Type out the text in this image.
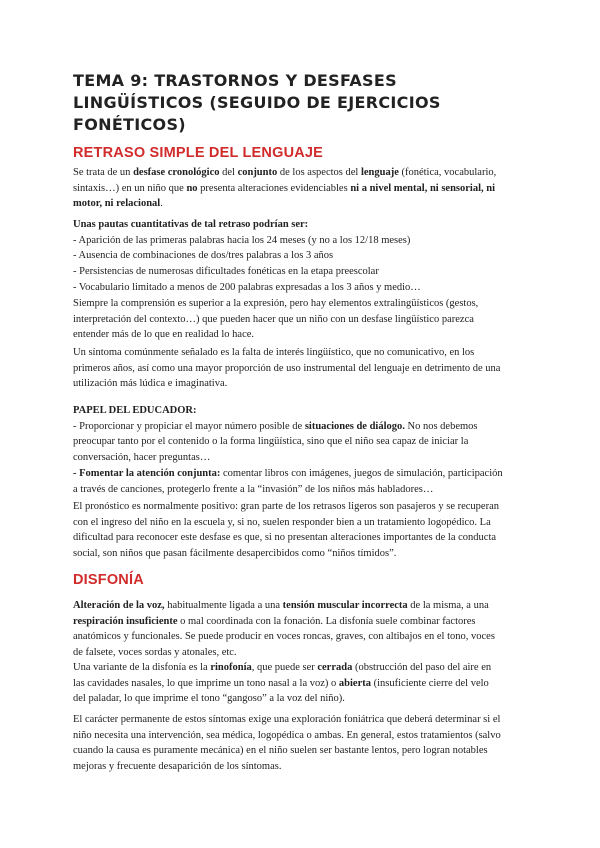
TEMA 9: TRASTORNOS Y DESFASES LINGÜÍSTICOS (SEGUIDO DE EJERCICIOS FONÉTICOS)
RETRASO SIMPLE DEL LENGUAJE

Se trata de un desfase cronológico del conjunto de los aspectos del lenguaje (fonética, vocabulario,
sintaxis…) en un niño que no presenta alteraciones evidenciables ni a nivel mental, ni sensorial, ni
motor, ni relacional.

Unas pautas cuantitativas de tal retraso podrían ser:
- Aparición de las primeras palabras hacia los 24 meses (y no a los 12/18 meses)
- Ausencia de combinaciones de dos/tres palabras a los 3 años
- Persistencias de numerosas dificultades fonéticas en la etapa preescolar
- Vocabulario limitado a menos de 200 palabras expresadas a los 3 años y medio…

Siempre la comprensión es superior a la expresión, pero hay elementos extralingüísticos (gestos,
interpretación del contexto…) que pueden hacer que un niño con un desfase lingüístico parezca
entender más de lo que en realidad lo hace.

Un síntoma comúnmente señalado es la falta de interés lingüístico, que no comunicativo, en los
primeros años, así como una mayor proporción de uso instrumental del lenguaje en detrimento de una
utilización más lúdica e imaginativa.

PAPEL DEL EDUCADOR:
- Proporcionar y propiciar el mayor número posible de situaciones de diálogo. No nos debemos
preocupar tanto por el contenido o la forma lingüística, sino que el niño sea capaz de iniciar la
conversación, hacer preguntas…
- Fomentar la atención conjunta: comentar libros con imágenes, juegos de simulación, participación
a través de canciones, protegerlo frente a la “invasión” de los niños más habladores…

El pronóstico es normalmente positivo: gran parte de los retrasos ligeros son pasajeros y se recuperan
con el ingreso del niño en la escuela y, si no, suelen responder bien a un tratamiento logopédico. La
dificultad para reconocer este desfase es que, si no presentan alteraciones importantes de la conducta
social, son niños que pasan fácilmente desapercibidos como “niños tímidos”.

DISFONÍA

Alteración de la voz, habitualmente ligada a una tensión muscular incorrecta de la misma, a una
respiración insuficiente o mal coordinada con la fonación. La disfonía suele combinar factores
anatómicos y funcionales. Se puede producir en voces roncas, graves, con altibajos en el tono, voces
de falsete, voces sordas y atonales, etc.

Una variante de la disfonía es la rinofonía, que puede ser cerrada (obstrucción del paso del aire en
las cavidades nasales, lo que imprime un tono nasal a la voz) o abierta (insuficiente cierre del velo
del paladar, lo que imprime el tono “gangoso” a la voz del niño).

El carácter permanente de estos síntomas exige una exploración foniátrica que deberá determinar si el
niño necesita una intervención, sea médica, logopédica o ambas. En general, estos tratamientos (salvo
cuando la causa es puramente mecánica) en el niño suelen ser bastante lentos, pero logran notables
mejoras y frecuente desaparición de los síntomas.
